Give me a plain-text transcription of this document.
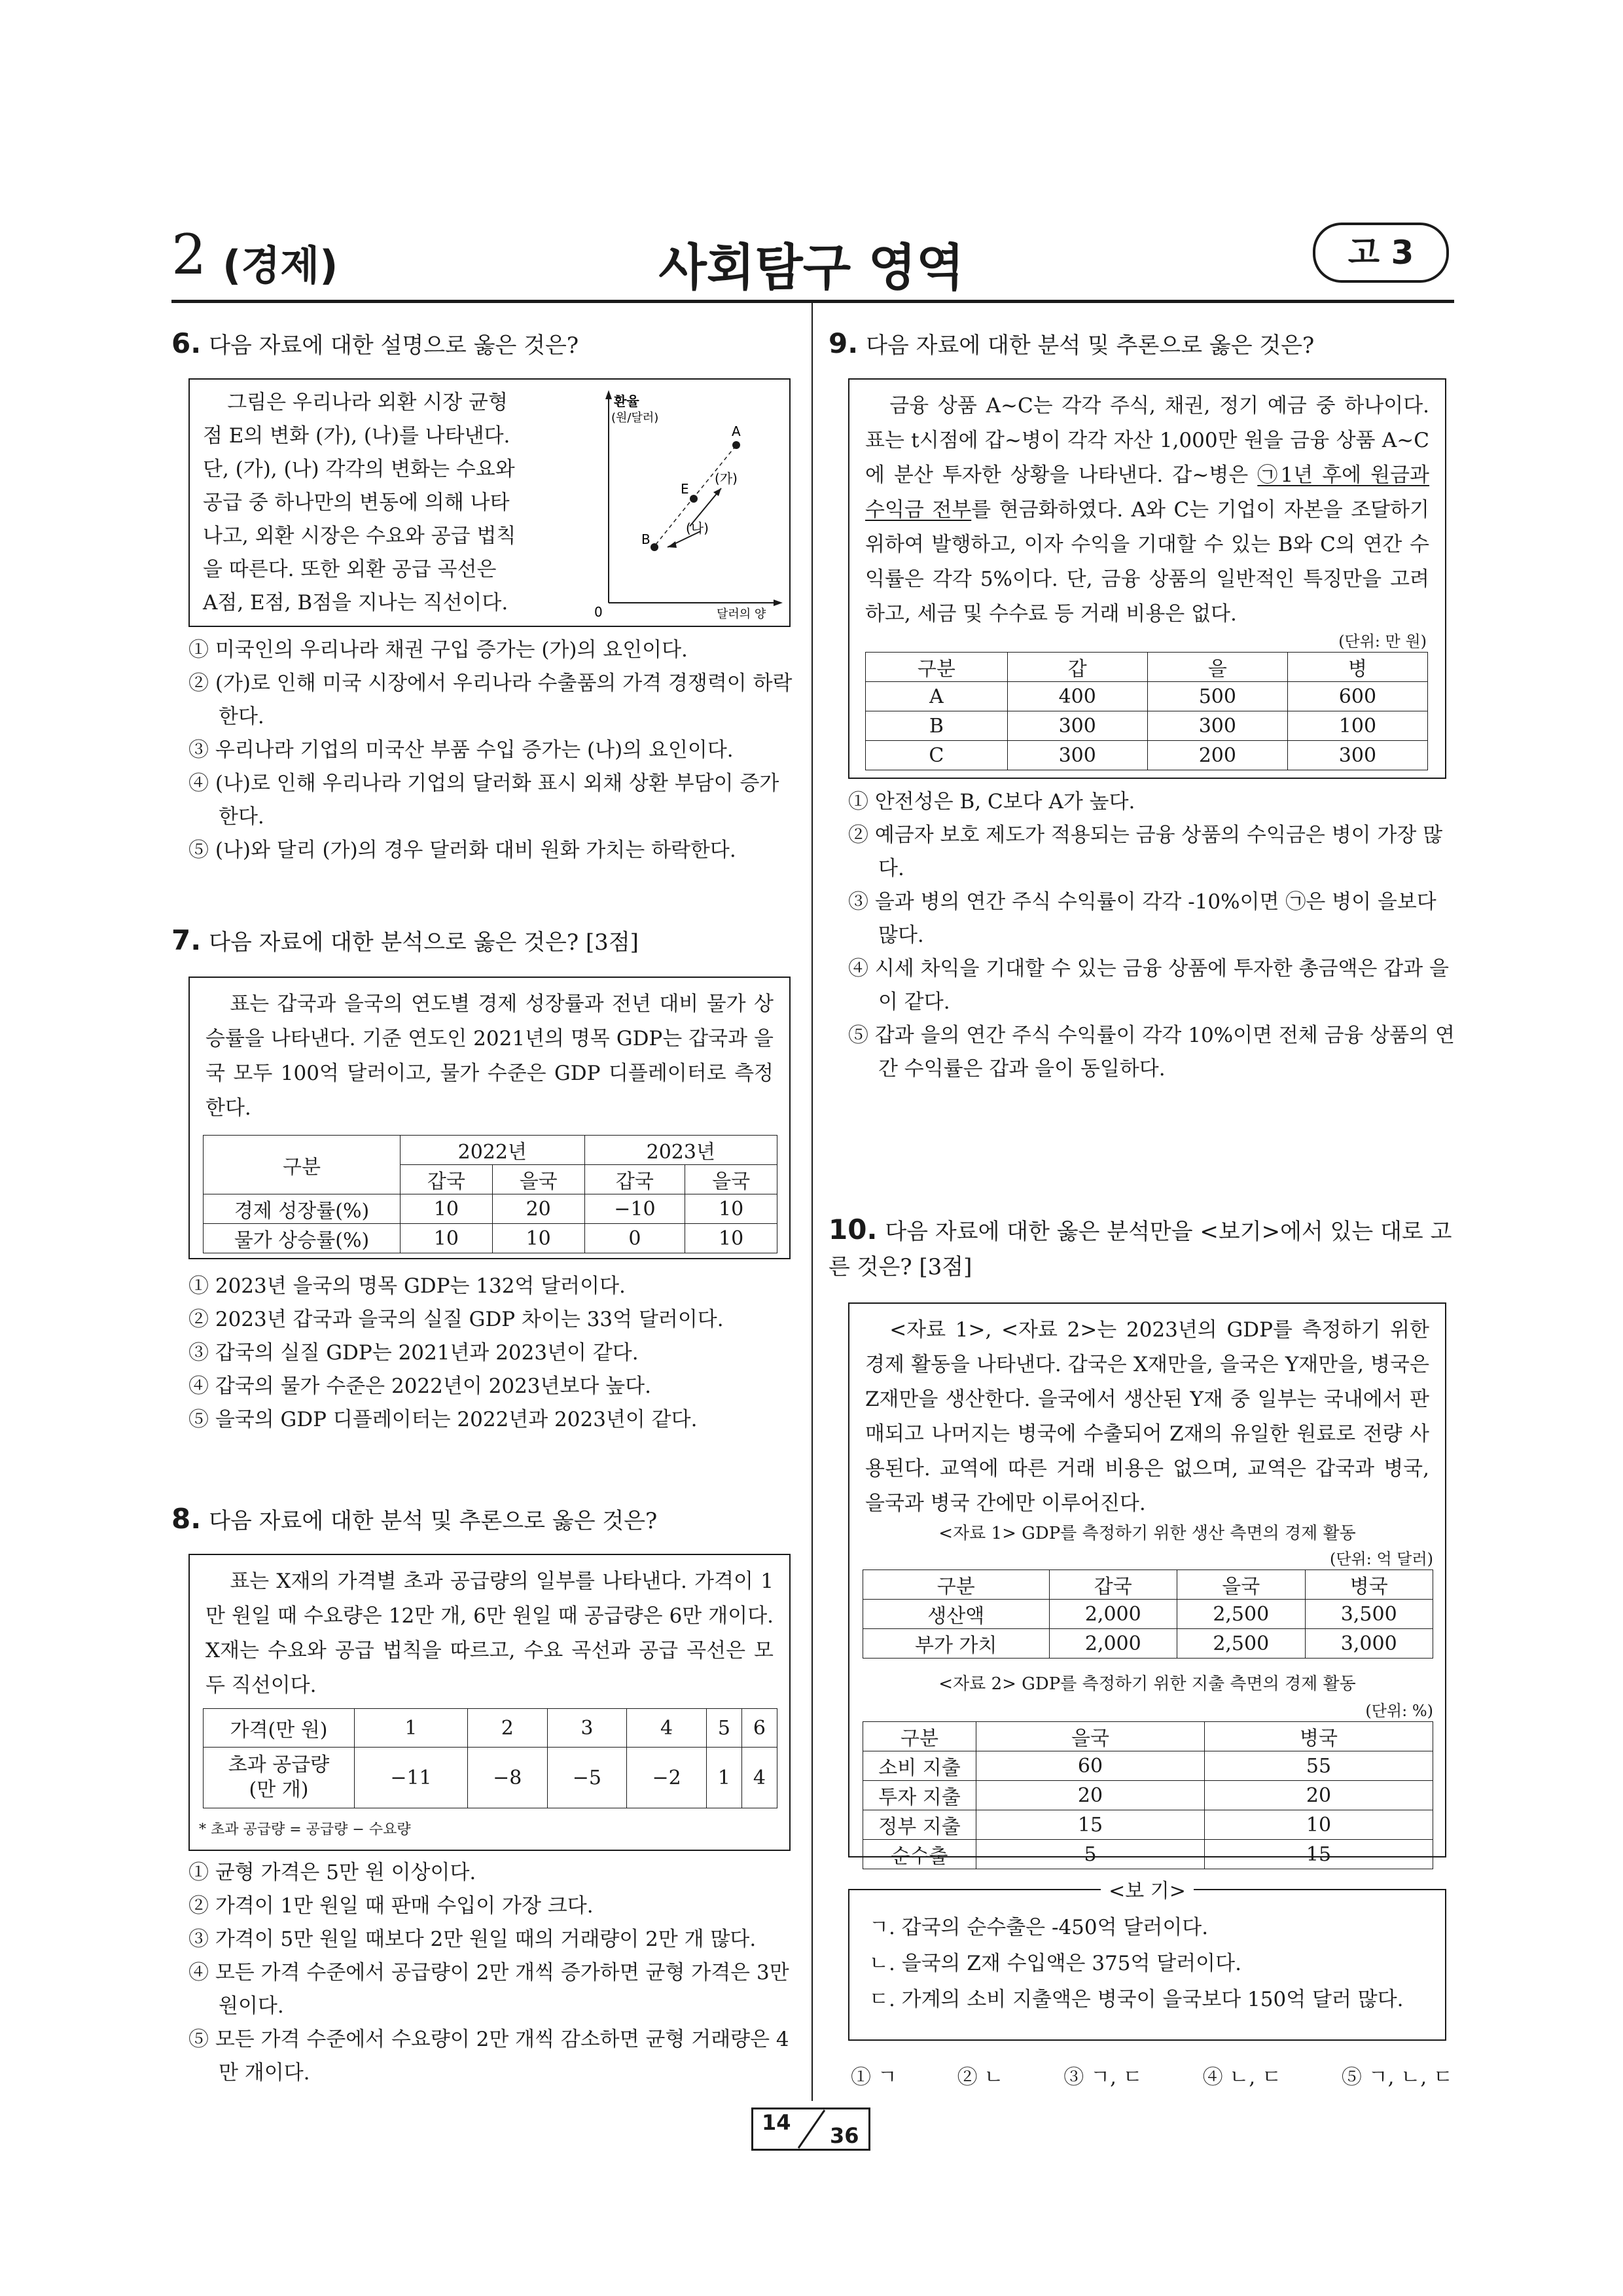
2 (경제)	사회탐구 영역	고 3
6. 다음 자료에 대한 설명으로 옳은 것은?
그림은 우리나라 외환 시장 균형
점 E의 변화 (가), (나)를 나타낸다.
단, (가), (나) 각각의 변화는 수요와
공급 중 하나만의 변동에 의해 나타
나고, 외환 시장은 수요와 공급 법칙
을 따른다. 또한 외환 공급 곡선은
A점, E점, B점을 지나는 직선이다.
환율
(원/달러)
0	달러의 양
A
E
B
(가)
(나)
① 미국인의 우리나라 채권 구입 증가는 (가)의 요인이다.
② (가)로 인해 미국 시장에서 우리나라 수출품의 가격 경쟁력이 하락한다.
③ 우리나라 기업의 미국산 부품 수입 증가는 (나)의 요인이다.
④ (나)로 인해 우리나라 기업의 달러화 표시 외채 상환 부담이 증가한다.
⑤ (나)와 달리 (가)의 경우 달러화 대비 원화 가치는 하락한다.
7. 다음 자료에 대한 분석으로 옳은 것은? [3점]
표는 갑국과 을국의 연도별 경제 성장률과 전년 대비 물가 상승률을 나타낸다. 기준 연도인 2021년의 명목 GDP는 갑국과 을국 모두 100억 달러이고, 물가 수준은 GDP 디플레이터로 측정한다.
구분	2022년		2023년	
	갑국	을국	갑국	을국
경제 성장률(%)	10	20	−10	10
물가 상승률(%)	10	10	0	10
① 2023년 을국의 명목 GDP는 132억 달러이다.
② 2023년 갑국과 을국의 실질 GDP 차이는 33억 달러이다.
③ 갑국의 실질 GDP는 2021년과 2023년이 같다.
④ 갑국의 물가 수준은 2022년이 2023년보다 높다.
⑤ 을국의 GDP 디플레이터는 2022년과 2023년이 같다.
8. 다음 자료에 대한 분석 및 추론으로 옳은 것은?
표는 X재의 가격별 초과 공급량의 일부를 나타낸다. 가격이 1만 원일 때 수요량은 12만 개, 6만 원일 때 공급량은 6만 개이다. X재는 수요와 공급 법칙을 따르고, 수요 곡선과 공급 곡선은 모두 직선이다.
가격(만 원)	1	2	3	4	5	6
초과 공급량
(만 개)	−11	−8	−5	−2	1	4
* 초과 공급량 = 공급량 − 수요량
① 균형 가격은 5만 원 이상이다.
② 가격이 1만 원일 때 판매 수입이 가장 크다.
③ 가격이 5만 원일 때보다 2만 원일 때의 거래량이 2만 개 많다.
④ 모든 가격 수준에서 공급량이 2만 개씩 증가하면 균형 가격은 3만 원이다.
⑤ 모든 가격 수준에서 수요량이 2만 개씩 감소하면 균형 거래량은 4만 개이다.
9. 다음 자료에 대한 분석 및 추론으로 옳은 것은?
금융 상품 A~C는 각각 주식, 채권, 정기 예금 중 하나이다. 표는 t시점에 갑~병이 각각 자산 1,000만 원을 금융 상품 A~C에 분산 투자한 상황을 나타낸다. 갑~병은 ㉠1년 후에 원금과 수익금 전부를 현금화하였다. A와 C는 기업이 자본을 조달하기 위하여 발행하고, 이자 수익을 기대할 수 있는 B와 C의 연간 수익률은 각각 5%이다. 단, 금융 상품의 일반적인 특징만을 고려하고, 세금 및 수수료 등 거래 비용은 없다.
(단위: 만 원)
구분	갑	을	병
A	400	500	600
B	300	300	100
C	300	200	300
① 안전성은 B, C보다 A가 높다.
② 예금자 보호 제도가 적용되는 금융 상품의 수익금은 병이 가장 많다.
③ 을과 병의 연간 주식 수익률이 각각 -10%이면 ㉠은 병이 을보다 많다.
④ 시세 차익을 기대할 수 있는 금융 상품에 투자한 총금액은 갑과 을이 같다.
⑤ 갑과 을의 연간 주식 수익률이 각각 10%이면 전체 금융 상품의 연간 수익률은 갑과 을이 동일하다.
10. 다음 자료에 대한 옳은 분석만을 <보기>에서 있는 대로 고른 것은? [3점]
<자료 1>, <자료 2>는 2023년의 GDP를 측정하기 위한 경제 활동을 나타낸다. 갑국은 X재만을, 을국은 Y재만을, 병국은 Z재만을 생산한다. 을국에서 생산된 Y재 중 일부는 국내에서 판매되고 나머지는 병국에 수출되어 Z재의 유일한 원료로 전량 사용된다. 교역에 따른 거래 비용은 없으며, 교역은 갑국과 병국, 을국과 병국 간에만 이루어진다.
<자료 1> GDP를 측정하기 위한 생산 측면의 경제 활동
(단위: 억 달러)
구분	갑국	을국	병국
생산액	2,000	2,500	3,500
부가 가치	2,000	2,500	3,000
<자료 2> GDP를 측정하기 위한 지출 측면의 경제 활동
(단위: %)
구분	을국	병국
소비 지출	60	55
투자 지출	20	20
정부 지출	15	10
순수출	5	15
<보 기>
ㄱ. 갑국의 순수출은 -450억 달러이다.
ㄴ. 을국의 Z재 수입액은 375억 달러이다.
ㄷ. 가계의 소비 지출액은 병국이 을국보다 150억 달러 많다.
① ㄱ	② ㄴ	③ ㄱ, ㄷ	④ ㄴ, ㄷ	⑤ ㄱ, ㄴ, ㄷ
14
36
